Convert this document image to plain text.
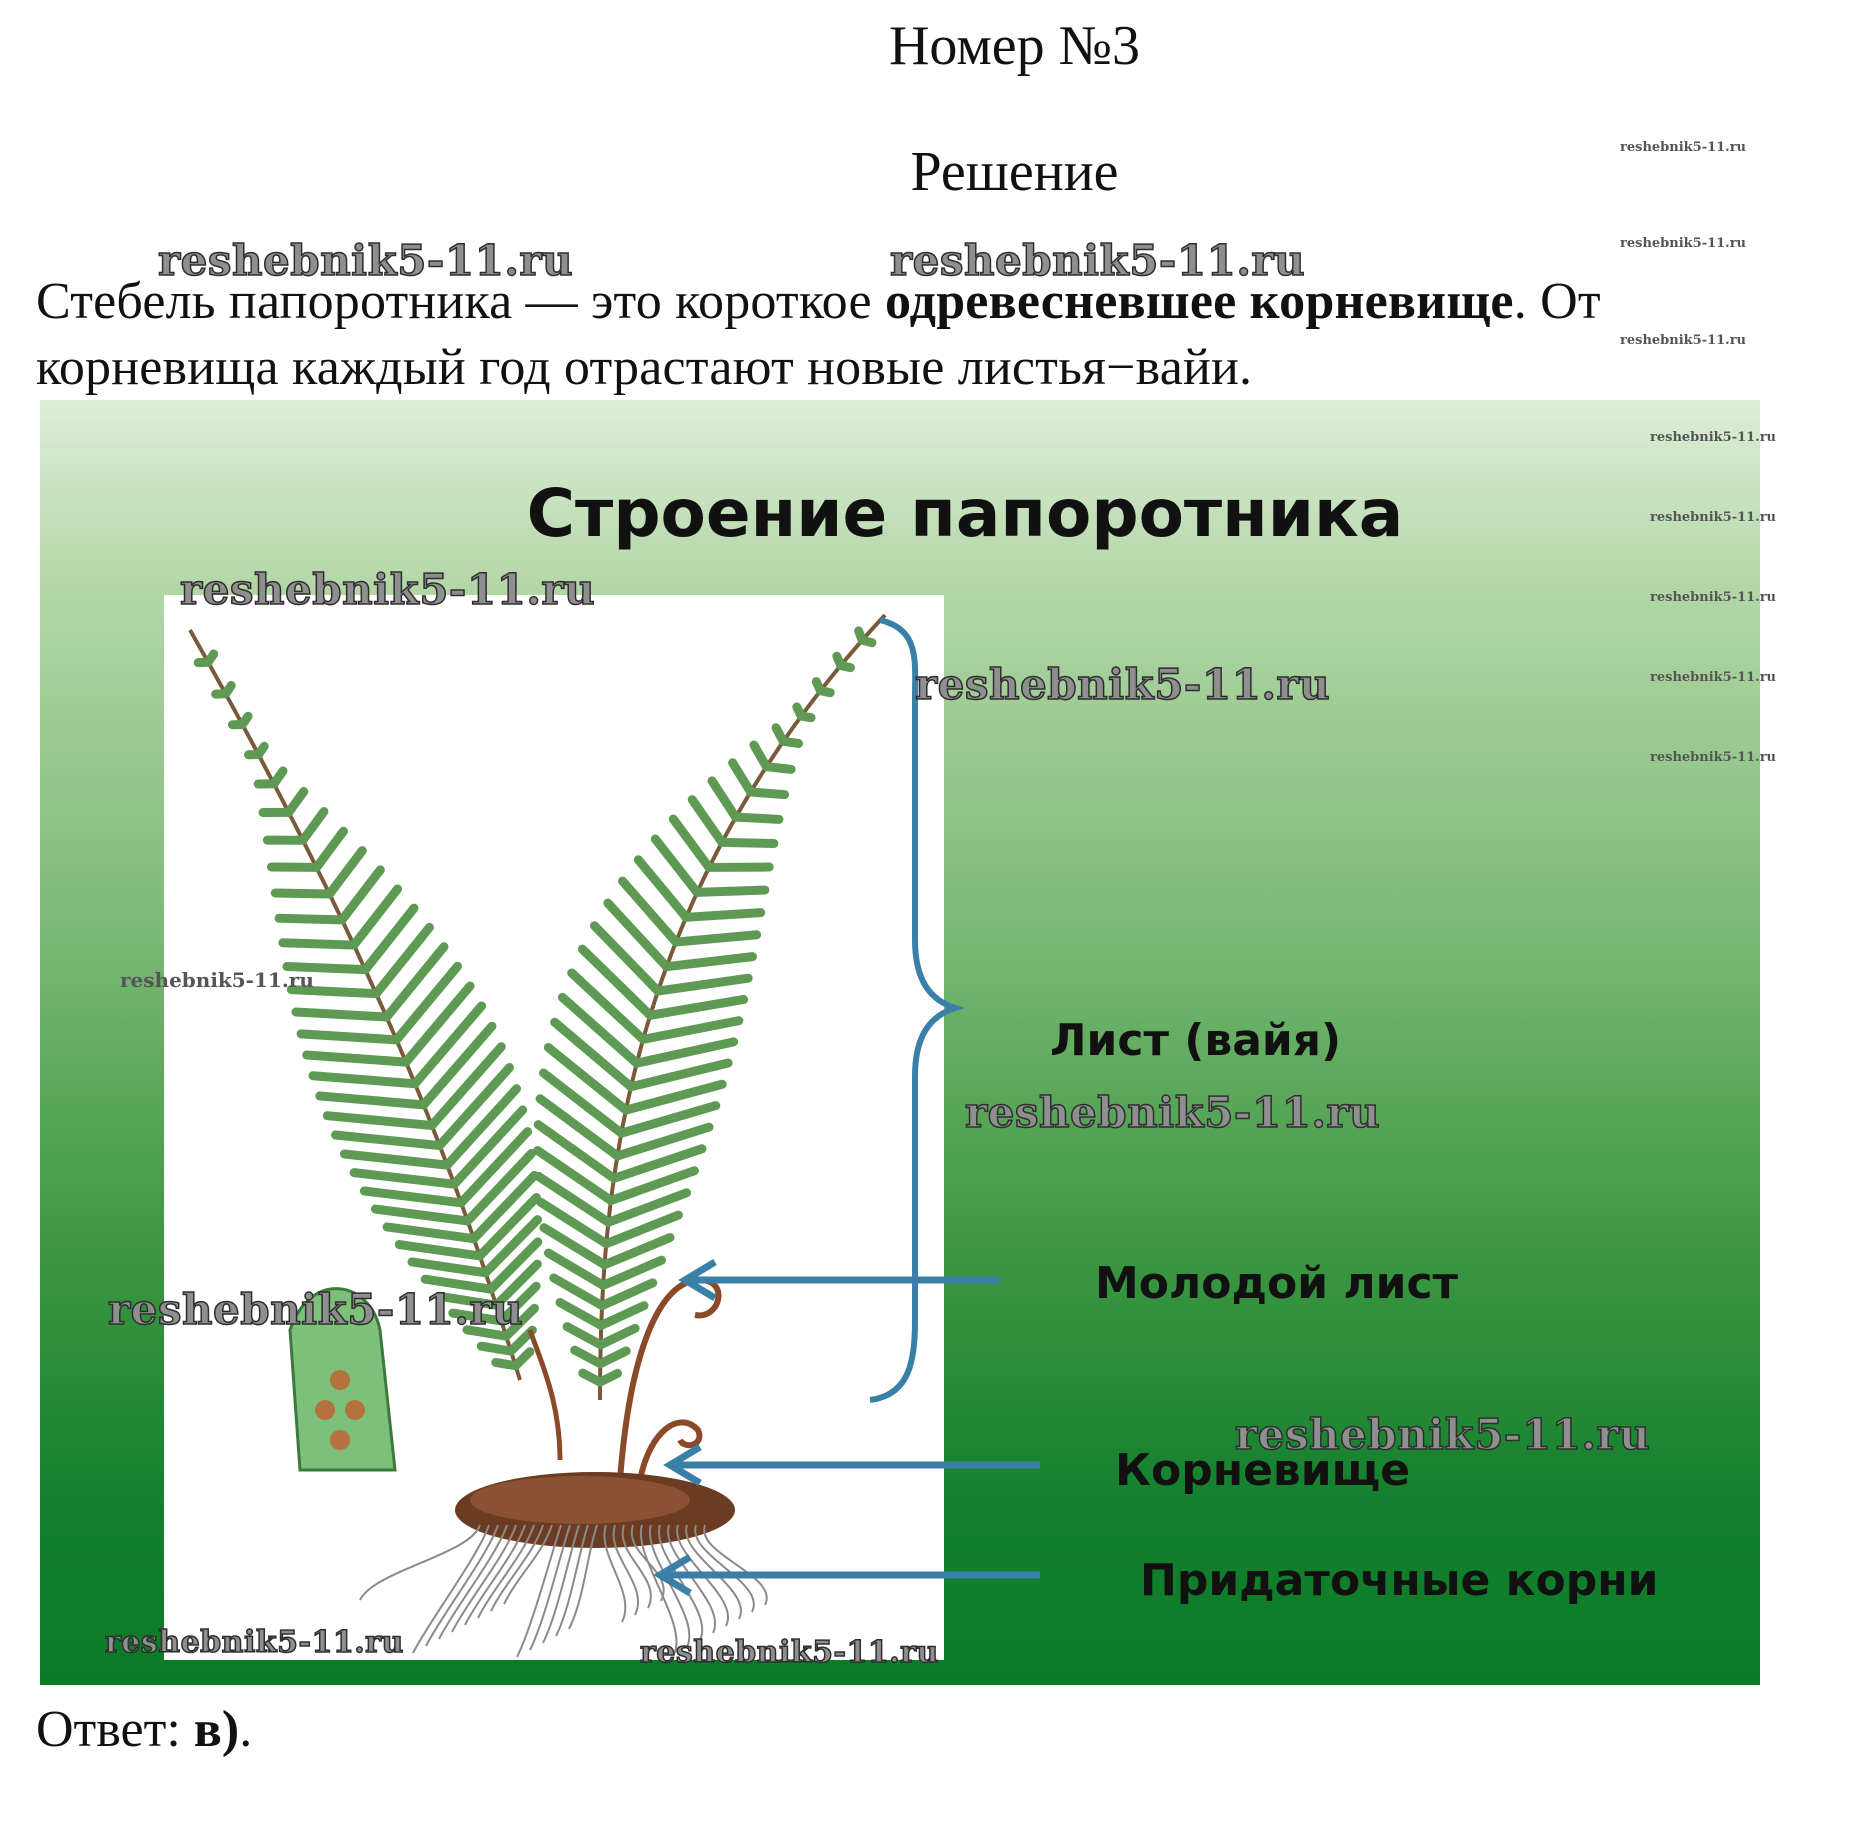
Номер №3
Решение
Стебель папоротника — это короткое одревесневшее корневище. От
корневища каждый год отрастают новые листья−вайи.
reshebnik5-11.ru	reshebnik5-11.ru
reshebnik5-11.ru
reshebnik5-11.ru
reshebnik5-11.ru
Строение папоротника
Лист (вайя)
Молодой лист
Корневище
Придаточные корни
reshebnik5-11.ru
reshebnik5-11.ru
reshebnik5-11.ru
reshebnik5-11.ru
reshebnik5-11.ru
reshebnik5-11.ru
reshebnik5-11.ru	reshebnik5-11.ru
reshebnik5-11.ru
reshebnik5-11.ru
reshebnik5-11.ru
reshebnik5-11.ru
reshebnik5-11.ru
Ответ: в).
